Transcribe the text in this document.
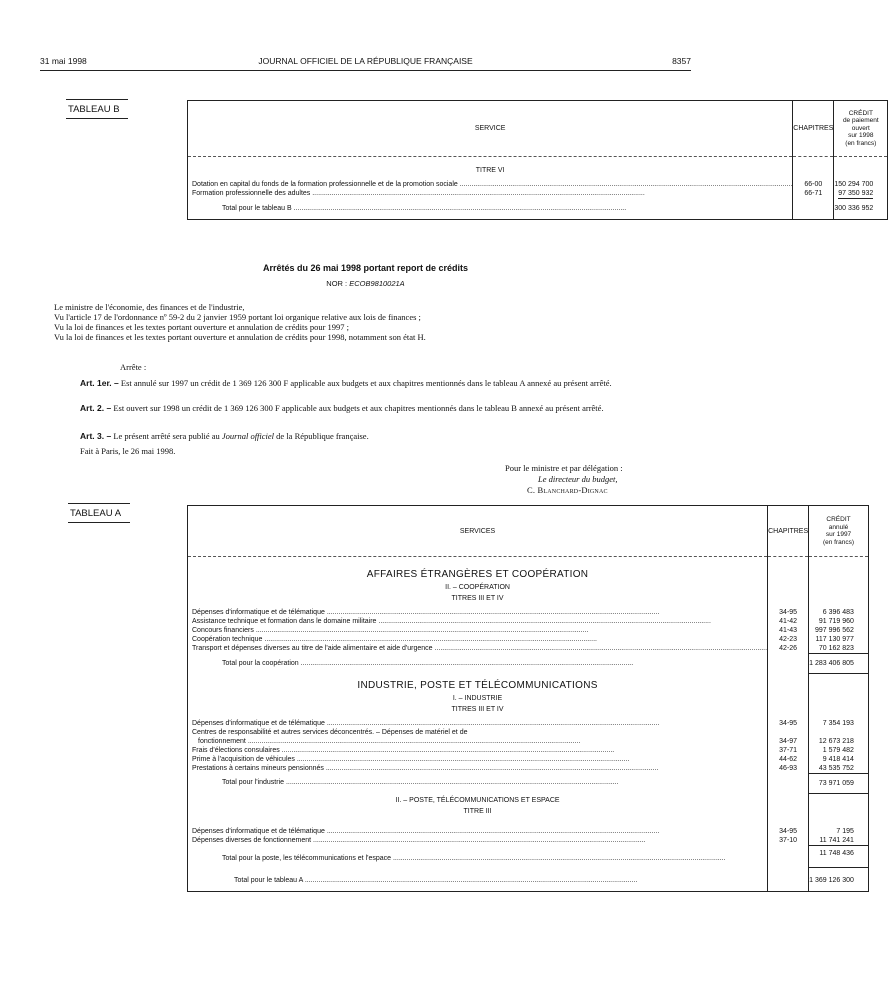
31 mai 1998	JOURNAL OFFICIEL DE LA RÉPUBLIQUE FRANÇAISE	8357
TABLEAU B
SERVICE	CHAPITRES	CRÉDIT
de paiement
ouvert
sur 1998
(en francs)

TITRE VI		

Dotation en capital du fonds de la formation professionnelle et de la promotion sociale .....	66-00	150 294 700

Formation professionnelle des adultes .....	66-71	97 350 932

Total pour le tableau B .....		300 336 952
Arrêtés du 26 mai 1998 portant report de crédits
NOR : ECOB9810021A
Le ministre de l'économie, des finances et de l'industrie,
Vu l'article 17 de l'ordonnance nº 59-2 du 2 janvier 1959 portant loi organique relative aux lois de finances ;
Vu la loi de finances et les textes portant ouverture et annulation de crédits pour 1997 ;
Vu la loi de finances et les textes portant ouverture et annulation de crédits pour 1998, notamment son état H.
Arrête :
Art. 1er. – Est annulé sur 1997 un crédit de 1 369 126 300 F applicable aux budgets et aux chapitres mentionnés dans le tableau A annexé au présent arrêté.
Art. 2. – Est ouvert sur 1998 un crédit de 1 369 126 300 F applicable aux budgets et aux chapitres mentionnés dans le tableau B annexé au présent arrêté.
Art. 3. – Le présent arrêté sera publié au Journal officiel de la République française.
Fait à Paris, le 26 mai 1998.
Pour le ministre et par délégation :
Le directeur du budget,
C. Blanchard-Dignac
TABLEAU A
SERVICES	CHAPITRES	CRÉDIT
annulé
sur 1997
(en francs)

AFFAIRES ÉTRANGÈRES ET COOPÉRATION		
II. – COOPÉRATION		
TITRES III ET IV		

Dépenses d'informatique et de télématique .....	34-95	6 396 483

Assistance technique et formation dans le domaine militaire .....	41-42	91 719 960

Concours financiers .....	41-43	997 996 562

Coopération technique .....	42-23	117 130 977

Transport et dépenses diverses au titre de l'aide alimentaire et aide d'urgence .....	42-26	70 162 823

Total pour la coopération .....		1 283 406 805
INDUSTRIE, POSTE ET TÉLÉCOMMUNICATIONS		
I. – INDUSTRIE		
TITRES III ET IV		

Dépenses d'informatique et de télématique .....	34-95	7 354 193

Centres de responsabilité et autres services déconcentrés. – Dépenses de matériel et de		

fonctionnement .....	34-97	12 673 218

Frais d'élections consulaires .....	37-71	1 579 482

Prime à l'acquisition de véhicules .....	44-62	9 418 414

Prestations à certains mineurs pensionnés .....	46-93	43 535 752

Total pour l'industrie .....		73 971 059
II. – POSTE, TÉLÉCOMMUNICATIONS ET ESPACE		
TITRE III		

Dépenses d'informatique et de télématique .....	34-95	7 195

Dépenses diverses de fonctionnement .....	37-10	11 741 241

Total pour la poste, les télécommunications et l'espace .....		11 748 436

Total pour le tableau A .....		1 369 126 300
